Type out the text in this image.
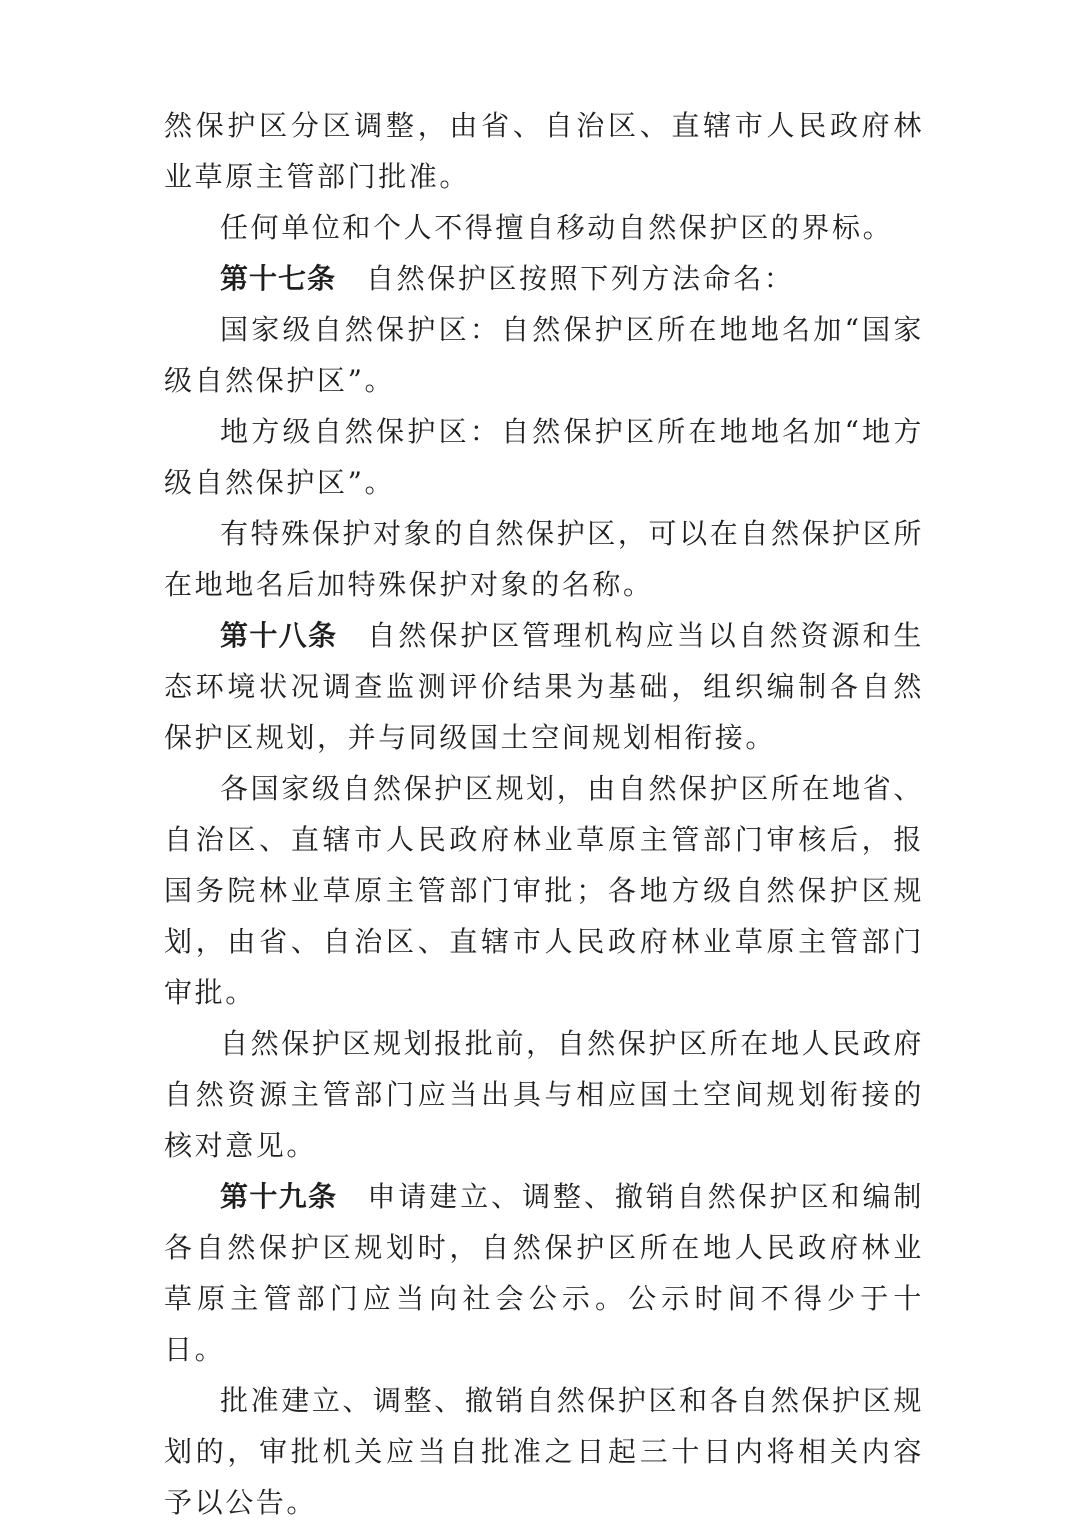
然保护区分区调整，由省、自治区、直辖市人民政府林业草原主管部门批准。

任何单位和个人不得擅自移动自然保护区的界标。

第十七条 自然保护区按照下列方法命名：

国家级自然保护区：自然保护区所在地地名加“国家级自然保护区”。

地方级自然保护区：自然保护区所在地地名加“地方级自然保护区”。

有特殊保护对象的自然保护区，可以在自然保护区所在地地名后加特殊保护对象的名称。

第十八条 自然保护区管理机构应当以自然资源和生态环境状况调查监测评价结果为基础，组织编制各自然保护区规划，并与同级国土空间规划相衔接。

各国家级自然保护区规划，由自然保护区所在地省、自治区、直辖市人民政府林业草原主管部门审核后，报国务院林业草原主管部门审批；各地方级自然保护区规划，由省、自治区、直辖市人民政府林业草原主管部门审批。

自然保护区规划报批前，自然保护区所在地人民政府自然资源主管部门应当出具与相应国土空间规划衔接的核对意见。

第十九条 申请建立、调整、撤销自然保护区和编制各自然保护区规划时，自然保护区所在地人民政府林业草原主管部门应当向社会公示。公示时间不得少于十日。

批准建立、调整、撤销自然保护区和各自然保护区规划的，审批机关应当自批准之日起三十日内将相关内容予以公告。
